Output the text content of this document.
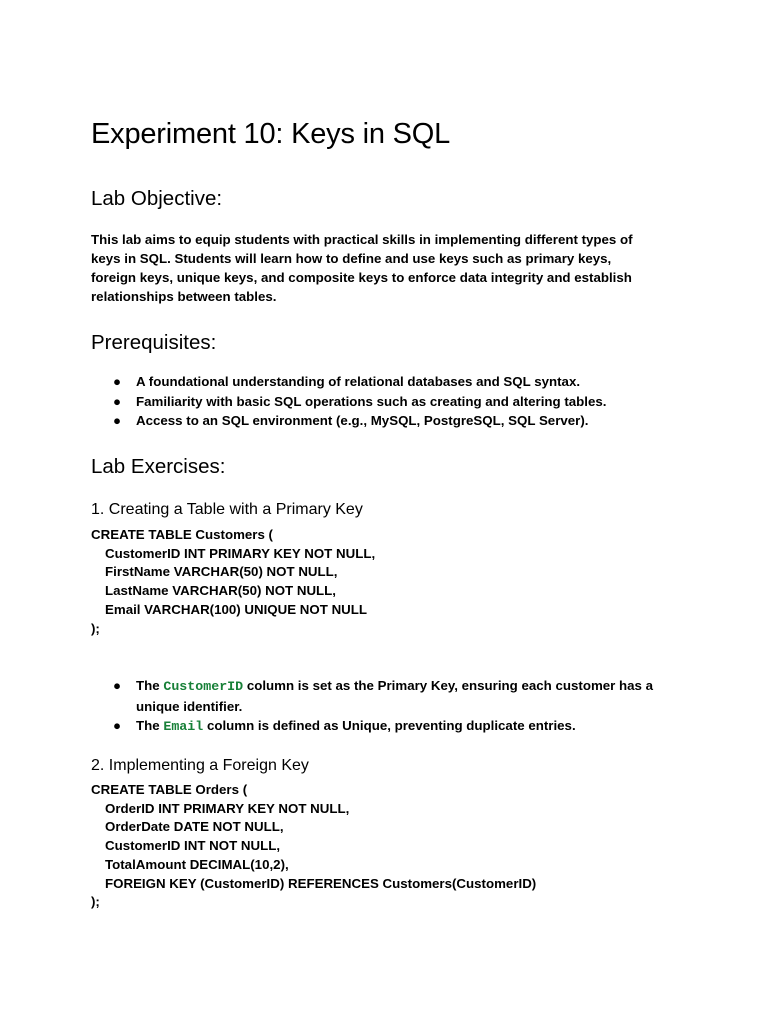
Experiment 10: Keys in SQL
Lab Objective:
This lab aims to equip students with practical skills in implementing different types of
keys in SQL. Students will learn how to define and use keys such as primary keys,
foreign keys, unique keys, and composite keys to enforce data integrity and establish
relationships between tables.
Prerequisites:
● A foundational understanding of relational databases and SQL syntax.
● Familiarity with basic SQL operations such as creating and altering tables.
● Access to an SQL environment (e.g., MySQL, PostgreSQL, SQL Server).
Lab Exercises:
1. Creating a Table with a Primary Key
CREATE TABLE Customers (
CustomerID INT PRIMARY KEY NOT NULL,
FirstName VARCHAR(50) NOT NULL,
LastName VARCHAR(50) NOT NULL,
Email VARCHAR(100) UNIQUE NOT NULL
);
● The CustomerID column is set as the Primary Key, ensuring each customer has a
unique identifier.
● The Email column is defined as Unique, preventing duplicate entries.
2. Implementing a Foreign Key
CREATE TABLE Orders (
OrderID INT PRIMARY KEY NOT NULL,
OrderDate DATE NOT NULL,
CustomerID INT NOT NULL,
TotalAmount DECIMAL(10,2),
FOREIGN KEY (CustomerID) REFERENCES Customers(CustomerID)
);
